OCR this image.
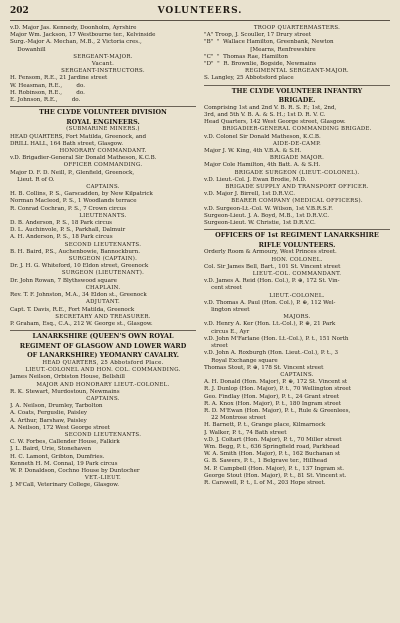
202	VOLUNTEERS.
v.D. Major Jas. Kennedy, Doonholm, Ayrshire
Major Wm. Jackson, 17 Westbourne ter., Kelvinside
Surg.-Major A. Mechan, M.B., 2 Victoria cres.,
Dowanhill
SERGEANT-MAJOR.
Vacant.
SERGEANT-INSTRUCTORS.
H. Fensom, R.E., 21 Jardine street
W. Heasman, R.E.,        do.
H. Robinson, R.E.,        do.
E. Johnson, R.E.,        do.
THE CLYDE VOLUNTEER DIVISION
ROYAL ENGINEERS.
(SUBMARINE MINERS.)
HEAD QUARTERS, Fort Matilda, Greenock, and
DRILL HALL, 164 Bath street, Glasgow.
HONORARY COMMANDANT.
v.D. Brigadier-General Sir Donald Matheson, K.C.B.
OFFICER COMMANDING.
Major D. F. D. Neill, P., Glenfield, Greenock,
Lieut. R of O.
CAPTAINS.
H. B. Collins, P. S., Garscadden, by New Kilpatrick
Norman Macleod, P. S., 1 Woodlands terrace
R. Conrad Cochran, P. S., 7 Crown circus
LIEUTENANTS.
D. B. Anderson, P. S., 18 Park circus
D. L. Auchinvole, P. S., Parkhall, Dalmuir
A. H. Anderson, P. S., 18 Park circus
SECOND LIEUTENANTS.
B. H. Baird, P.S., Auchenbowie, Bannockburn.
SURGEON (CAPTAIN).
Dr. J. H. G. Whiteford, 10 Eldon street, Greenock
SURGEON (LIEUTENANT).
Dr. John Rowan, 7 Blythswood square
CHAPLAIN.
Rev. T. F. Johnston, M.A., 34 Eldon st., Greenock
ADJUTANT.
Capt. T. Davis, R.E., Fort Matilda, Greenock
SECRETARY AND TREASURER.
P. Graham, Esq., C.A., 212 W. George st., Glasgow.
LANARKSHIRE (QUEEN'S OWN ROYAL
REGIMENT OF GLASGOW AND LOWER WARD
OF LANARKSHIRE) YEOMANRY CAVALRY.
HEAD QUARTERS, 25 Abbotsford Place.
LIEUT.-COLONEL AND HON. COL. COMMANDING.
James Neilson, Orbiston House, Bellshill
MAJOR AND HONORARY LIEUT.-COLONEL.
R. K. Stewart, Murdostoun, Newmains
CAPTAINS.
J. A. Neilson, Drumley, Tarbolton
A. Coats, Ferguslie, Paisley
A. Arthur, Barshaw, Paisley
A. Neilson, 172 West George street
SECOND LIEUTENANTS.
C. W. Forbes, Callender House, Falkirk
J. L. Baird, Urie, Stonehaven
H. C. Lamont, Gribton, Dumfries.
Kenneth H. M. Connal, 19 Park circus
W. P. Donaldson, Cochno House by Duntocher
VET.-LIEUT.
J. M'Call, Veterinary College, Glasgow.
TROOP QUARTERMASTERS.
"A" Troop, J. Scouller, 17 Drury street
"B"  "  Wallace Hamilton, Greenbank, Newton
[Mearns, Renfrewshire
"C"  "  Thomas Rae, Hamilton
"D"  "  R. Brownlie, Bogside, Newmains
REGIMENTAL SERGEANT-MAJOR.
S. Langley, 25 Abbotsford place
THE CLYDE VOLUNTEER INFANTRY
BRIGADE.
Comprising 1st and 2nd V. B. R. S. F.; 1st, 2nd,
3rd, and 5th V. B. A. & S. H.; 1st D. R. V. C.
Head Quarters, 142 West George street, Glasgow.
BRIGADIER-GENERAL COMMANDING BRIGADE.
v.D. Colonel Sir Donald Matheson, K.C.B.
AIDE-DE-CAMP.
Major J. W. King, 4th V.B.A. & S.H.
BRIGADE MAJOR.
Major Cole Hamilton, 4th Batt. A. & S.H.
BRIGADE SURGEON (LIEUT.-COLONEL).
v.D. Lieut.-Col. J. Ewan Brodie, M.D.
BRIGADE SUPPLY AND TRANSPORT OFFICER.
v.D. Major J. Birrell, 1st D.R.V.C.
BEARER COMPANY (MEDICAL OFFICERS).
v.D. Surgeon-Lt.-Col. W. Wilson, 1st V.B.R.S.F.
Surgeon-Lieut. J. A. Boyd, M.B., 1st D.R.V.C.
Surgeon-Lieut. W. Christie, 1st D.R.V.C.
OFFICERS OF 1st REGIMENT LANARKSHIRE
RIFLE VOLUNTEERS.
Orderly Room & Armoury, West Princes street.
HON. COLONEL.
Col. Sir James Bell, Bart., 101 St. Vincent street
LIEUT.-COL. COMMANDANT.
v.D. James A. Reid (Hon. Col.), P. ⊕, 172 St. Vin-
cent street
LIEUT.-COLONEL.
v.D. Thomas A. Paul (Hon. Col.), P. ⊕, 112 Wel-
lington street
MAJORS.
v.D. Henry A. Ker (Hon. Lt.-Col.), P. ⊕, 21 Park
circus E., Ayr
v.D. John M'Farlane (Hon. Lt.-Col.), P. t., 151 North
street
v.D. John A. Roxburgh (Hon. Lieut.-Col.), P. t., 3
Royal Exchange square
Thomas Stout, P. ⊕, 178 St. Vincent street
CAPTAINS.
A. H. Donald (Hon. Major), P. ⊕, 172 St. Vincent st
R. J. Dunlop (Hon. Major), P. t., 70 Wellington street
Geo. Findlay (Hon. Major), P. t., 24 Grant street
R. A. Knox (Hon. Major), P. t., 180 Ingram street
R. D. M'Ewan (Hon. Major), P. t., Rule & Greenlees,
22 Montrose street
H. Barnett, P. t., Grange place, Kilmarnock
J. Walker, P. t., 74 Bath street
v.D. J. Coltart (Hon. Major), P. t., 70 Miller street
Wm. Begg, P. t., 636 Springfield road, Parkhead
W. A. Smith (Hon. Major), P. t., 162 Buchanan st
G. B. Sawers, P. t., 1 Belgrave ter., Hillhead
M. P. Campbell (Hon. Major), P. t., 137 Ingram st.
George Stout (Hon. Major), P. t., 81 St. Vincent st.
R. Carswell, P. t., L of M., 203 Hope street.
